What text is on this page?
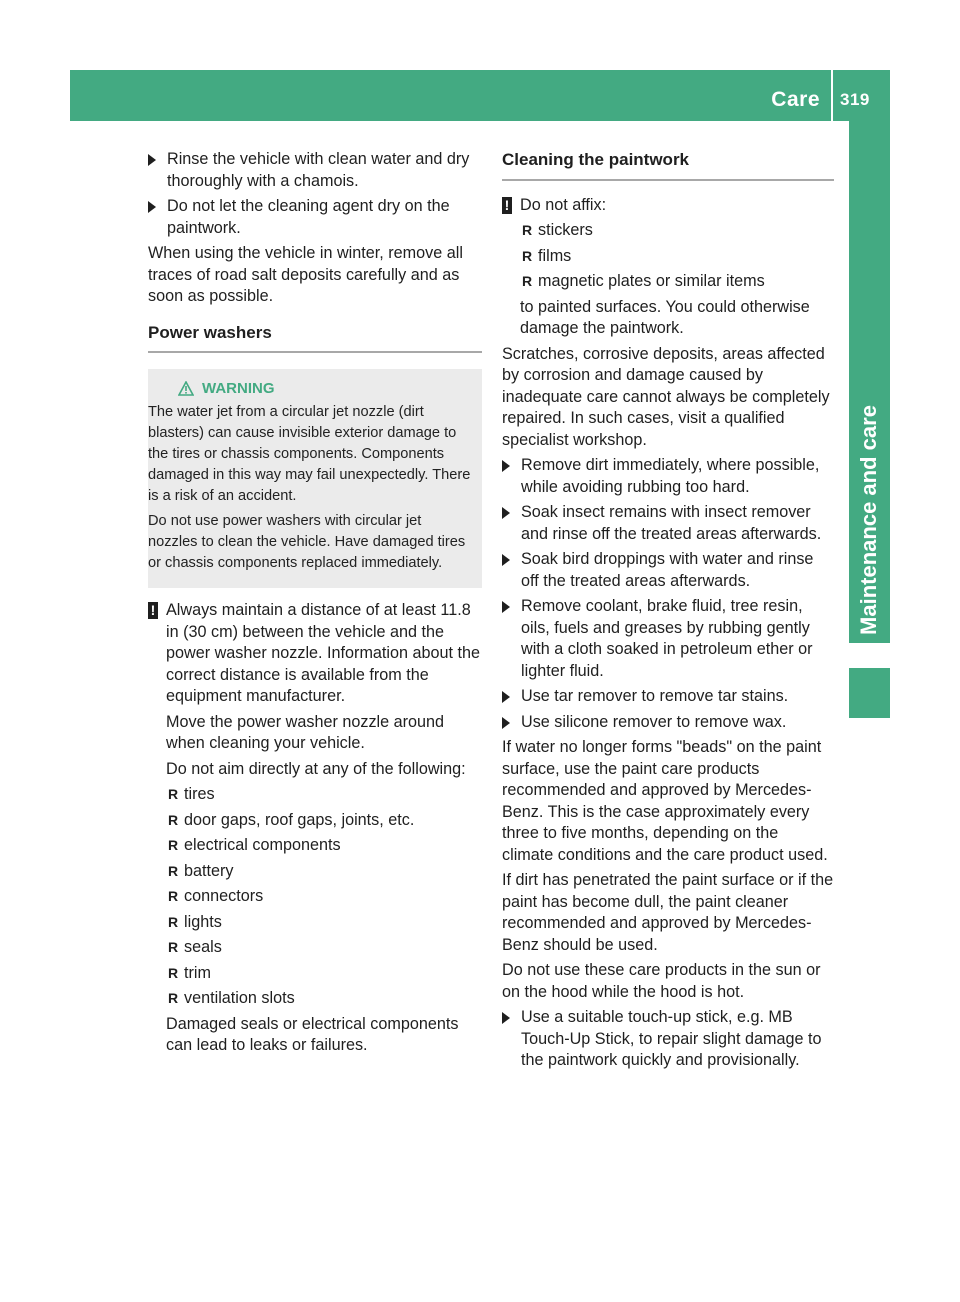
Care 319
Maintenance and care
Rinse the vehicle with clean water and dry thoroughly with a chamois.
Do not let the cleaning agent dry on the paintwork.

When using the vehicle in winter, remove all traces of road salt deposits carefully and as soon as possible.

Power washers
WARNING

The water jet from a circular jet nozzle (dirt blasters) can cause invisible exterior damage to the tires or chassis components. Components damaged in this way may fail unexpectedly. There is a risk of an accident.

Do not use power washers with circular jet nozzles to clean the vehicle. Have damaged tires or chassis components replaced immediately.

! Always maintain a distance of at least 11.8 in (30 cm) between the vehicle and the power washer nozzle. Information about the correct distance is available from the equipment manufacturer.

Move the power washer nozzle around when cleaning your vehicle.

Do not aim directly at any of the following:

R tires
R door gaps, roof gaps, joints, etc.
R electrical components
R battery
R connectors
R lights
R seals
R trim
R ventilation slots

Damaged seals or electrical components can lead to leaks or failures.

Cleaning the paintwork
! Do not affix:

R stickers
R films
R magnetic plates or similar items

to painted surfaces. You could otherwise damage the paintwork.

Scratches, corrosive deposits, areas affected by corrosion and damage caused by inadequate care cannot always be completely repaired. In such cases, visit a qualified specialist workshop.

Remove dirt immediately, where possible, while avoiding rubbing too hard.
Soak insect remains with insect remover and rinse off the treated areas afterwards.
Soak bird droppings with water and rinse off the treated areas afterwards.
Remove coolant, brake fluid, tree resin, oils, fuels and greases by rubbing gently with a cloth soaked in petroleum ether or lighter fluid.
Use tar remover to remove tar stains.
Use silicone remover to remove wax.

If water no longer forms "beads" on the paint surface, use the paint care products recommended and approved by Mercedes-Benz. This is the case approximately every three to five months, depending on the climate conditions and the care product used.

If dirt has penetrated the paint surface or if the paint has become dull, the paint cleaner recommended and approved by Mercedes-Benz should be used.

Do not use these care products in the sun or on the hood while the hood is hot.

Use a suitable touch-up stick, e.g. MB Touch-Up Stick, to repair slight damage to the paintwork quickly and provisionally.
